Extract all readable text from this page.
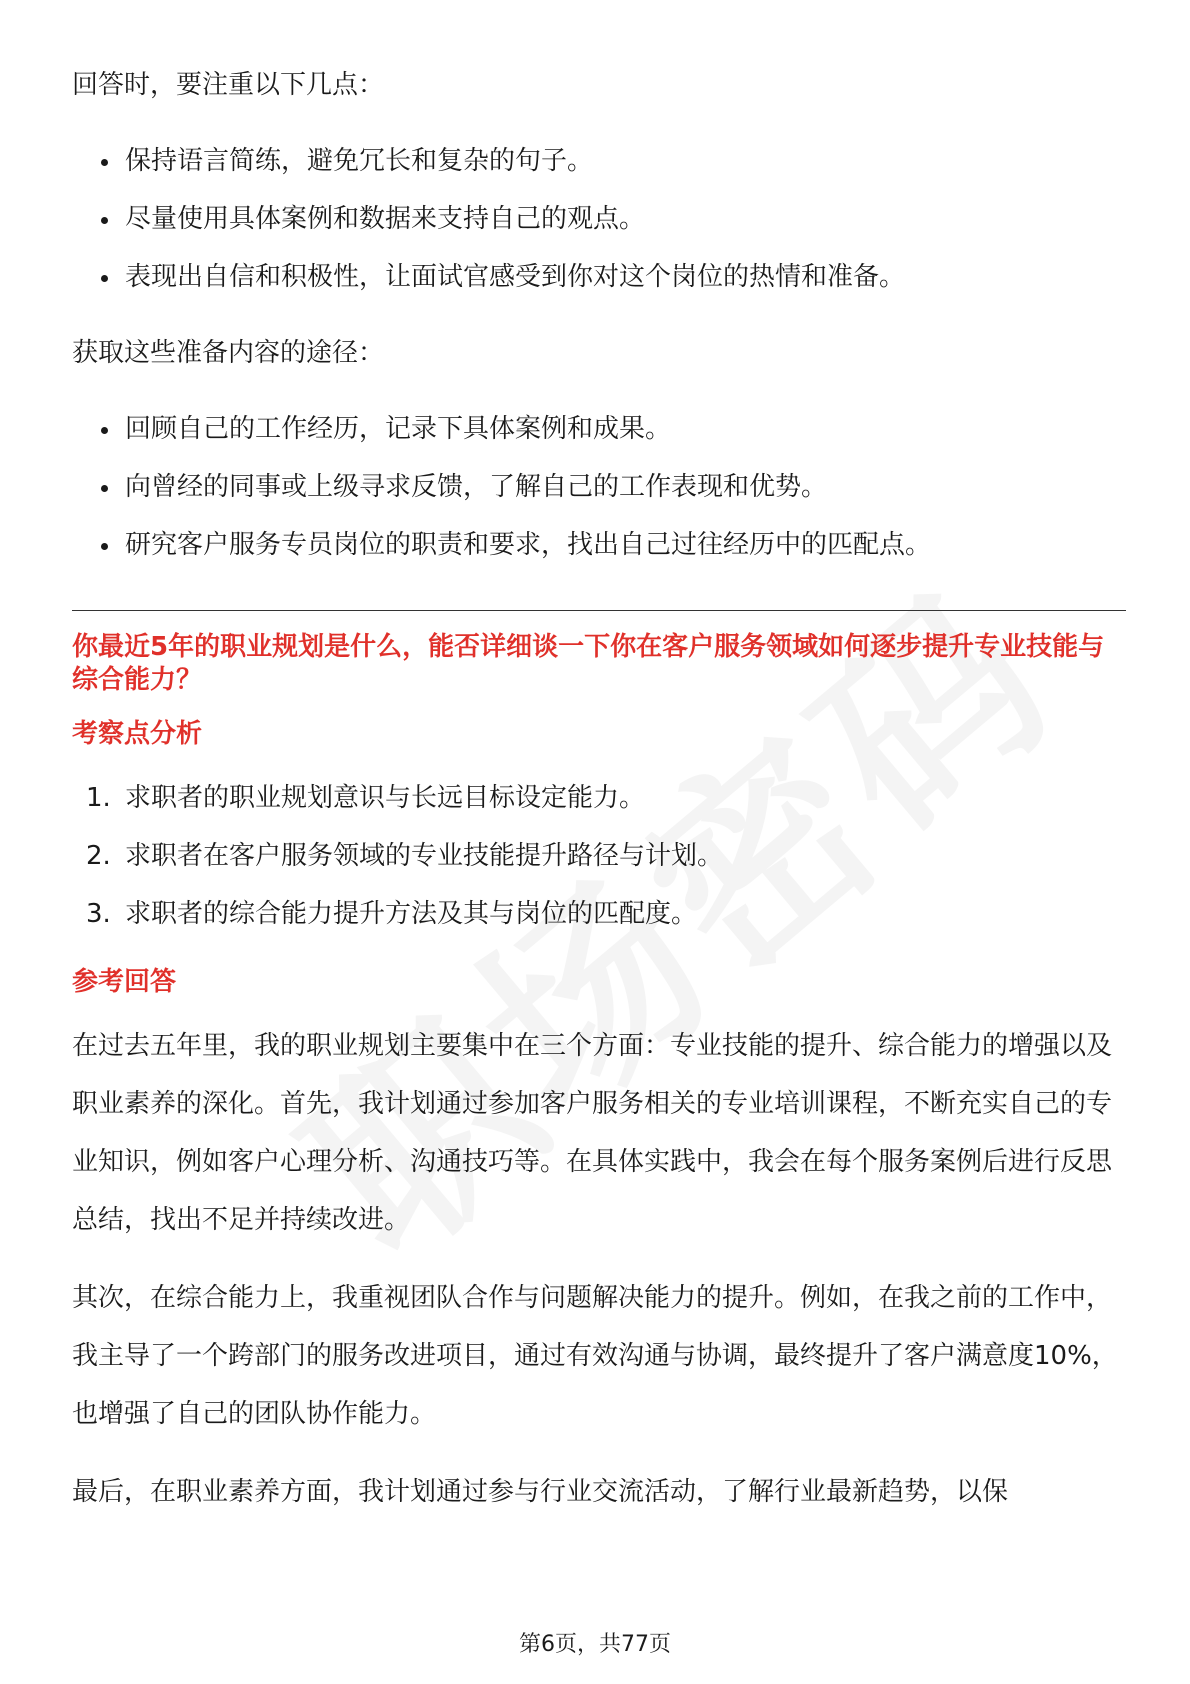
回答时，要注重以下几点：

保持语言简练，避免冗长和复杂的句子。
尽量使用具体案例和数据来支持自己的观点。
表现出自信和积极性，让面试官感受到你对这个岗位的热情和准备。

获取这些准备内容的途径：

回顾自己的工作经历，记录下具体案例和成果。
向曾经的同事或上级寻求反馈，了解自己的工作表现和优势。
研究客户服务专员岗位的职责和要求，找出自己过往经历中的匹配点。

你最近5年的职业规划是什么，能否详细谈一下你在客户服务领域如何逐步提升专业技能与综合能力？

考察点分析

1. 求职者的职业规划意识与长远目标设定能力。
2. 求职者在客户服务领域的专业技能提升路径与计划。
3. 求职者的综合能力提升方法及其与岗位的匹配度。

参考回答

在过去五年里，我的职业规划主要集中在三个方面：专业技能的提升、综合能力的增强以及职业素养的深化。首先，我计划通过参加客户服务相关的专业培训课程，不断充实自己的专业知识，例如客户心理分析、沟通技巧等。在具体实践中，我会在每个服务案例后进行反思总结，找出不足并持续改进。

其次，在综合能力上，我重视团队合作与问题解决能力的提升。例如，在我之前的工作中，我主导了一个跨部门的服务改进项目，通过有效沟通与协调，最终提升了客户满意度10%，也增强了自己的团队协作能力。

最后，在职业素养方面，我计划通过参与行业交流活动，了解行业最新趋势，以保

第6页，共77页
